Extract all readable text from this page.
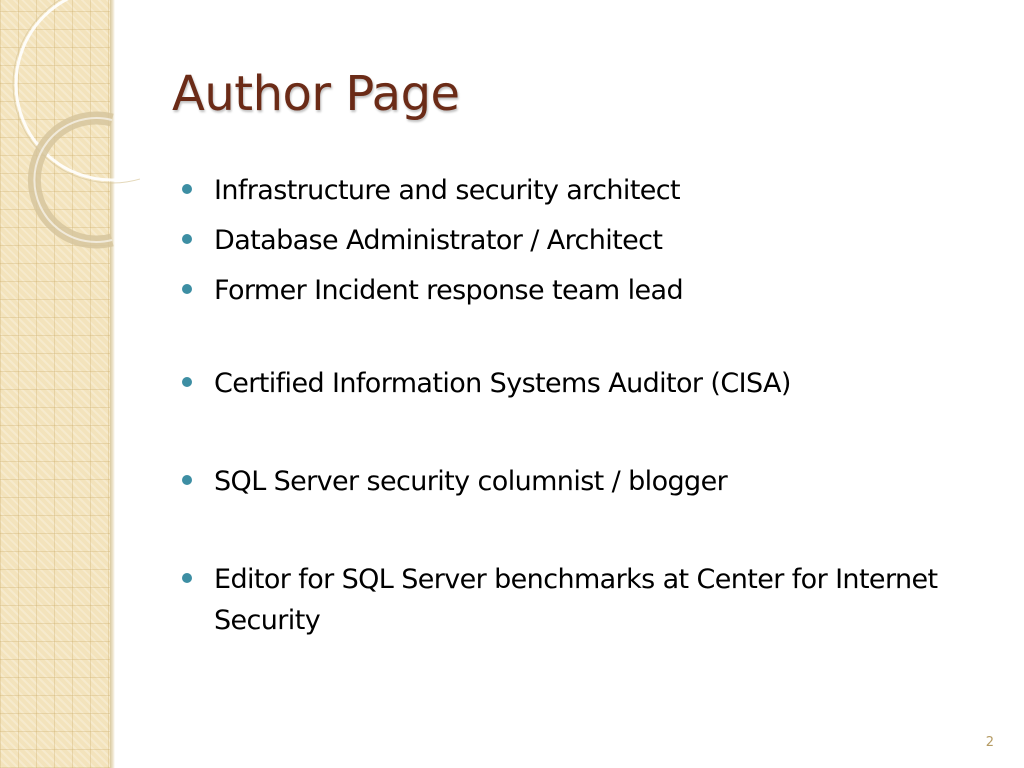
Author Page
Infrastructure and security architect
Database Administrator / Architect
Former Incident response team lead
Certified Information Systems Auditor (CISA)
SQL Server security columnist / blogger
Editor for SQL Server benchmarks at Center for Internet Security
2
